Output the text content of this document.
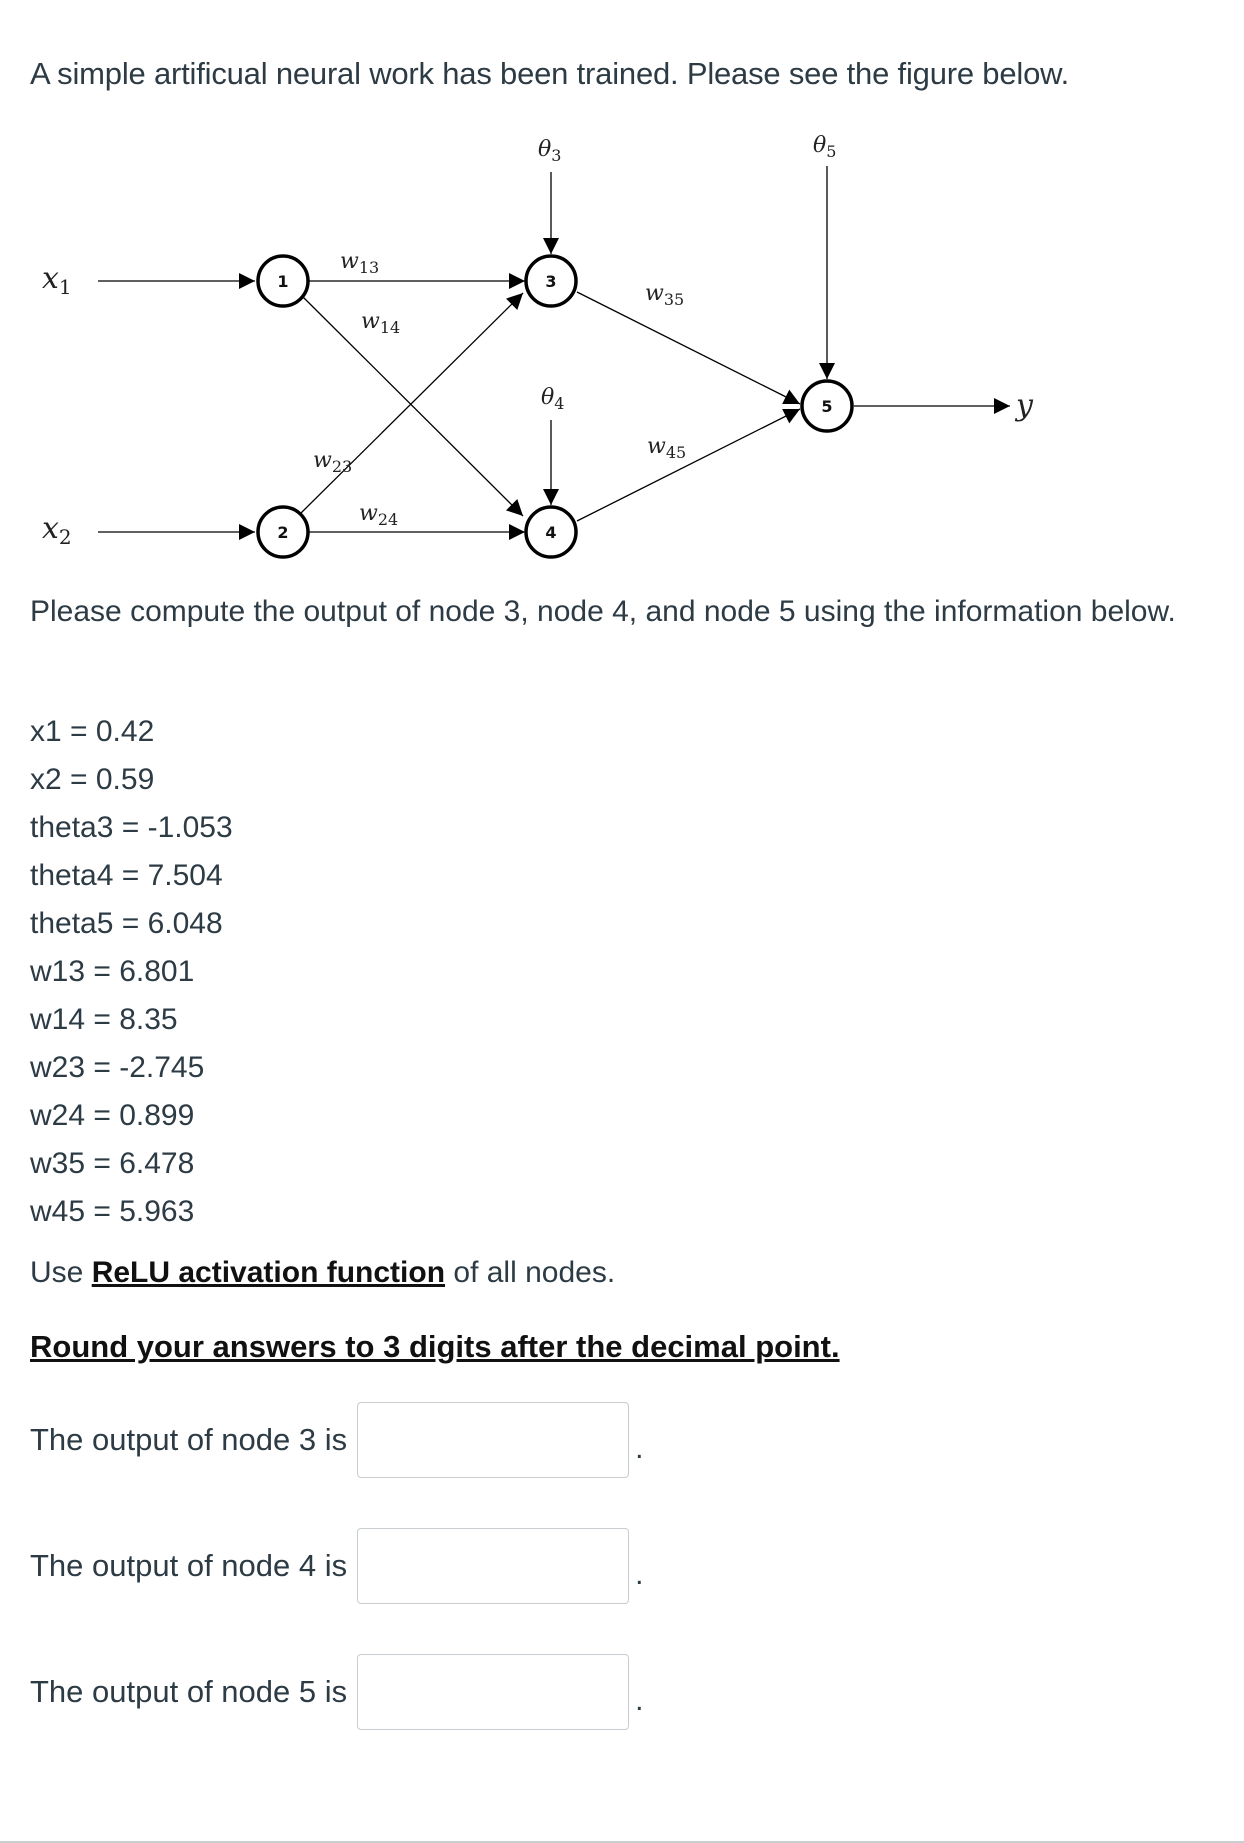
A simple artificual neural work has been trained. Please see the figure below.

1
2
3
4
5
x1
x2
y
θ3
θ4
θ5
w13
w14
w23
w24
w35
w45

Please compute the output of node 3, node 4, and node 5 using the information below.

x1 = 0.42
x2 = 0.59
theta3 = -1.053
theta4 = 7.504
theta5 = 6.048
w13 = 6.801
w14 = 8.35
w23 = -2.745
w24 = 0.899
w35 = 6.478
w45 = 5.963

Use ReLU activation function of all nodes.

Round your answers to 3 digits after the decimal point.

The output of node 3 is	.
The output of node 4 is	.
The output of node 5 is	.
